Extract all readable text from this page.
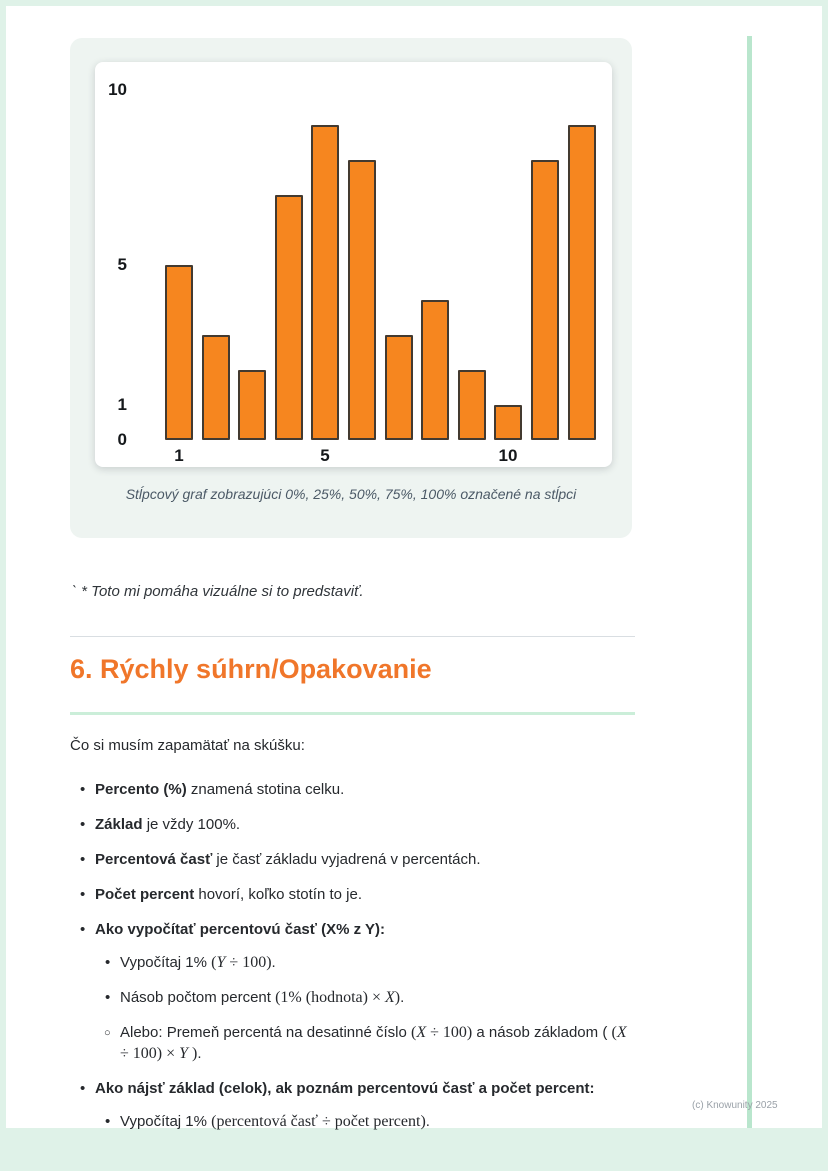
10
5
1
0
1	5	10
Stĺpcový graf zobrazujúci 0%, 25%, 50%, 75%, 100% označené na stĺpci
` * Toto mi pomáha vizuálne si to predstaviť.
6. Rýchly súhrn/Opakovanie

Čo si musím zapamätať na skúšku:

• Percento (%) znamená stotina celku.
• Základ je vždy 100%.
• Percentová časť je časť základu vyjadrená v percentách.
• Počet percent hovorí, koľko stotín to je.
• Ako vypočítať percentovú časť (X% z Y):
• Vypočítaj 1% (Y ÷ 100).
• Násob počtom percent (1% (hodnota) × X).
○ Alebo: Premeň percentá na desatinné číslo (X ÷ 100) a násob základom ( (X ÷ 100) × Y ).
• Ako nájsť základ (celok), ak poznám percentovú časť a počet percent:
• Vypočítaj 1% (percentová časť ÷ počet percent).
(c) Knowunity 2025
